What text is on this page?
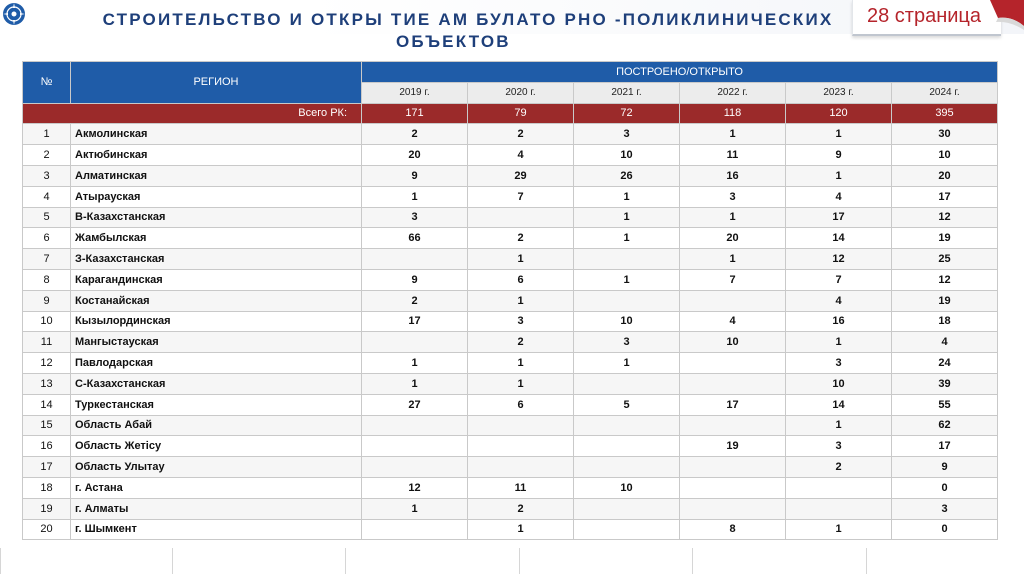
СТРОИТЕЛЬСТВО И ОТКРЫ ТИЕ АМ БУЛАТО РНО -ПОЛИКЛИНИЧЕСКИХ
ОБЪЕКТОВ
28 страница
№	РЕГИОН	ПОСТРОЕНО/ОТКРЫТО					
		2019 г.	2020 г.	2021 г.	2022 г.	2023 г.	2024 г.
Всего РК:		171	79	72	118	120	395
1	Акмолинская	2	2	3	1	1	30
2	Актюбинская	20	4	10	11	9	10
3	Алматинская	9	29	26	16	1	20
4	Атырауская	1	7	1	3	4	17
5	В-Казахстанская	3		1	1	17	12
6	Жамбылская	66	2	1	20	14	19
7	З-Казахстанская		1		1	12	25
8	Карагандинская	9	6	1	7	7	12
9	Костанайская	2	1			4	19
10	Кызылординская	17	3	10	4	16	18
11	Мангыстауская		2	3	10	1	4
12	Павлодарская	1	1	1		3	24
13	С-Казахстанская	1	1			10	39
14	Туркестанская	27	6	5	17	14	55
15	Область Абай					1	62
16	Область Жетісу				19	3	17
17	Область Улытау					2	9
18	г. Астана	12	11	10			0
19	г. Алматы	1	2				3
20	г. Шымкент		1		8	1	0
